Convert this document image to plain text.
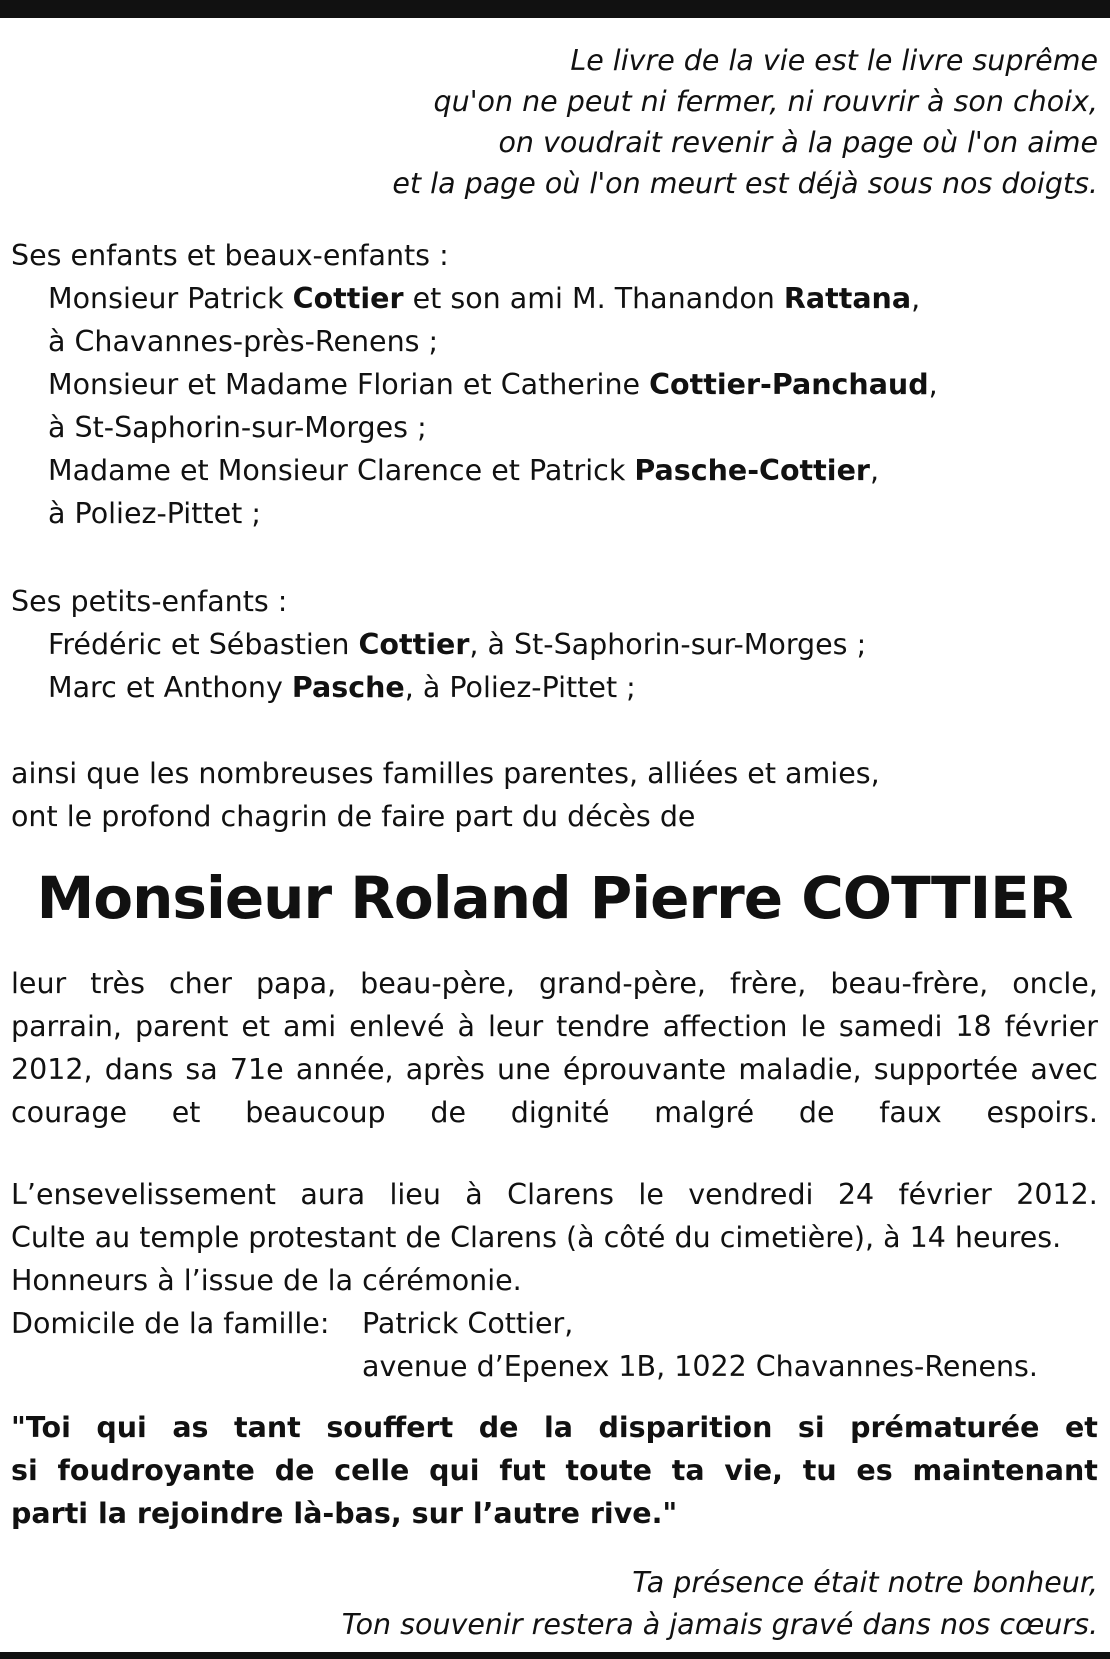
Le livre de la vie est le livre suprême
qu'on ne peut ni fermer, ni rouvrir à son choix,
on voudrait revenir à la page où l'on aime
et la page où l'on meurt est déjà sous nos doigts.
Ses enfants et beaux-enfants :
Monsieur Patrick Cottier et son ami M. Thanandon Rattana,
à Chavannes-près-Renens ;
Monsieur et Madame Florian et Catherine Cottier-Panchaud,
à St-Saphorin-sur-Morges ;
Madame et Monsieur Clarence et Patrick Pasche-Cottier,
à Poliez-Pittet ;
Ses petits-enfants :
Frédéric et Sébastien Cottier, à St-Saphorin-sur-Morges ;
Marc et Anthony Pasche, à Poliez-Pittet ;
ainsi que les nombreuses familles parentes, alliées et amies,
ont le profond chagrin de faire part du décès de
Monsieur Roland Pierre COTTIER
leur très cher papa, beau-père, grand-père, frère, beau-frère, oncle,
parrain, parent et ami enlevé à leur tendre affection le samedi 18 février
2012, dans sa 71e année, après une éprouvante maladie, supportée avec
courage et beaucoup de dignité malgré de faux espoirs.
L’ensevelissement aura lieu à Clarens le vendredi 24 février 2012.
Culte au temple protestant de Clarens (à côté du cimetière), à 14 heures.
Honneurs à l’issue de la cérémonie.
Domicile de la famille:	Patrick Cottier,
avenue d’Epenex 1B, 1022 Chavannes-Renens.
"Toi qui as tant souffert de la disparition si prématurée et
si foudroyante de celle qui fut toute ta vie, tu es maintenant
parti la rejoindre là-bas, sur l’autre rive."
Ta présence était notre bonheur,
Ton souvenir restera à jamais gravé dans nos cœurs.
